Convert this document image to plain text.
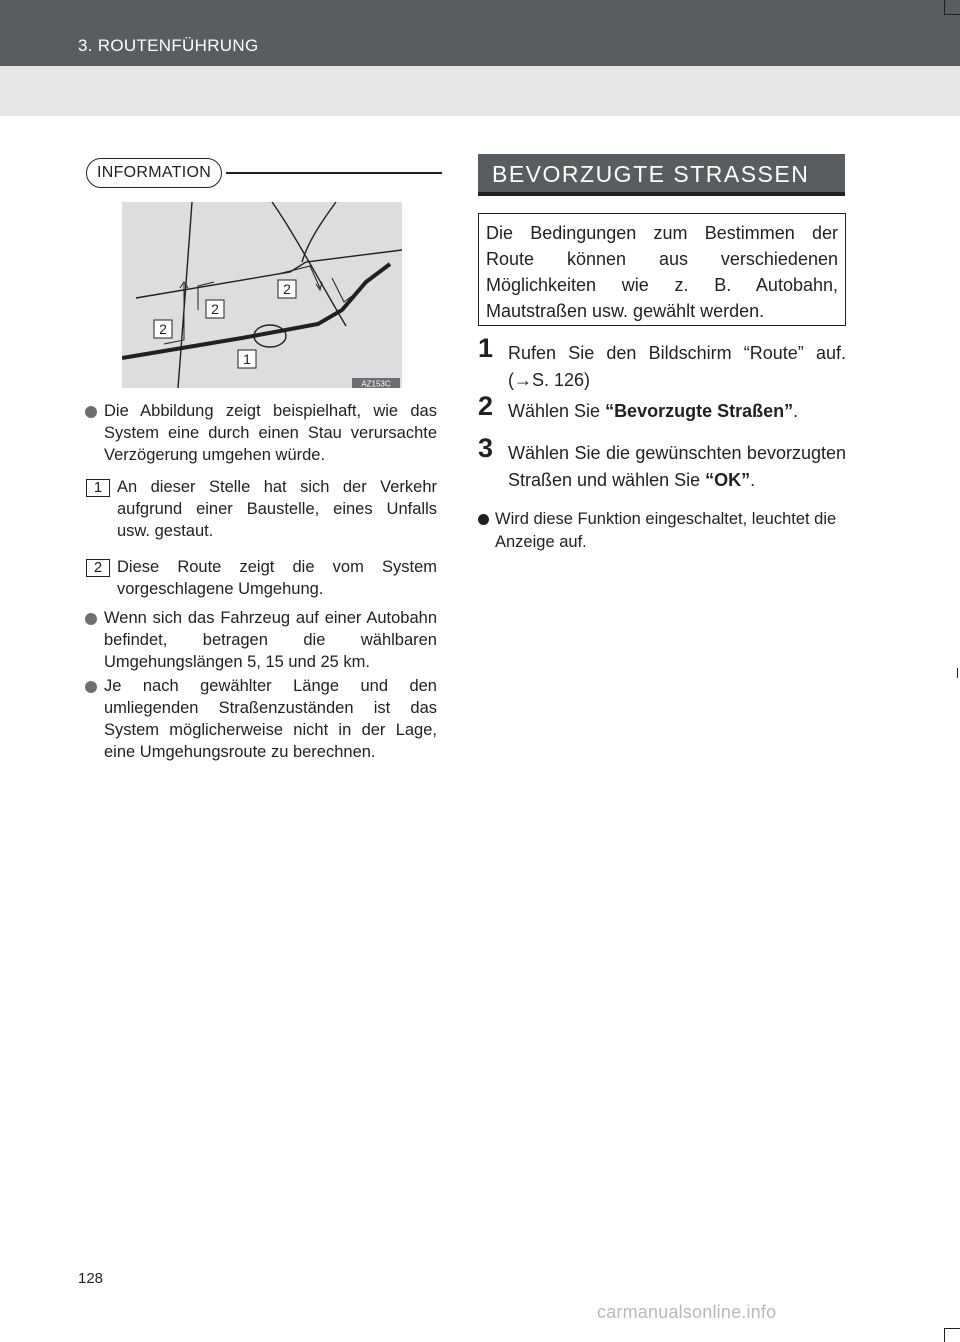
3. ROUTENFÜHRUNG
INFORMATION
2
2
2
1
AZ153C
Die Abbildung zeigt beispielhaft, wie das System eine durch einen Stau verursachte Verzögerung umgehen würde.
1 An dieser Stelle hat sich der Verkehr aufgrund einer Baustelle, eines Unfalls usw. gestaut.
2 Diese Route zeigt die vom System vorgeschlagene Umgehung.
Wenn sich das Fahrzeug auf einer Autobahn befindet, betragen die wählbaren Umgehungslängen 5, 15 und 25 km.
Je nach gewählter Länge und den umliegenden Straßenzuständen ist das System möglicherweise nicht in der Lage, eine Umgehungsroute zu berechnen.
BEVORZUGTE STRASSEN
Die Bedingungen zum Bestimmen der Route können aus verschiedenen Möglichkeiten wie z. B. Autobahn, Mautstraßen usw. gewählt werden.
1 Rufen Sie den Bildschirm “Route” auf. (→S. 126)
2 Wählen Sie “Bevorzugte Straßen”.
3 Wählen Sie die gewünschten bevorzugten Straßen und wählen Sie “OK”.
Wird diese Funktion eingeschaltet, leuchtet die Anzeige auf.
128
carmanualsonline.info
